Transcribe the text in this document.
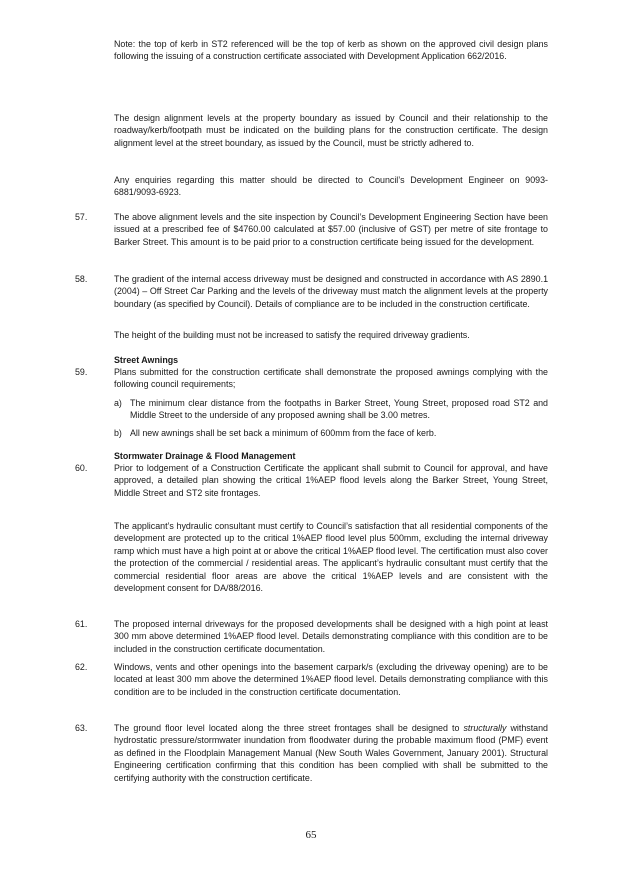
Note: the top of kerb in ST2 referenced will be the top of kerb as shown on the approved civil design plans following the issuing of a construction certificate associated with Development Application 662/2016.

The design alignment levels at the property boundary as issued by Council and their relationship to the roadway/kerb/footpath must be indicated on the building plans for the construction certificate. The design alignment level at the street boundary, as issued by the Council, must be strictly adhered to.

Any enquiries regarding this matter should be directed to Council’s Development Engineer on 9093-6881/9093-6923.

57.	The above alignment levels and the site inspection by Council’s Development Engineering Section have been issued at a prescribed fee of $4760.00 calculated at $57.00 (inclusive of GST) per metre of site frontage to Barker Street. This amount is to be paid prior to a construction certificate being issued for the development.

58.	The gradient of the internal access driveway must be designed and constructed in accordance with AS 2890.1 (2004) – Off Street Car Parking and the levels of the driveway must match the alignment levels at the property boundary (as specified by Council). Details of compliance are to be included in the construction certificate.

The height of the building must not be increased to satisfy the required driveway gradients.

Street Awnings
59.	Plans submitted for the construction certificate shall demonstrate the proposed awnings complying with the following council requirements;

a) The minimum clear distance from the footpaths in Barker Street, Young Street, proposed road ST2 and Middle Street to the underside of any proposed awning shall be 3.00 metres.

b) All new awnings shall be set back a minimum of 600mm from the face of kerb.

Stormwater Drainage & Flood Management
60.	Prior to lodgement of a Construction Certificate the applicant shall submit to Council for approval, and have approved, a detailed plan showing the critical 1%AEP flood levels along the Barker Street, Young Street, Middle Street and ST2 site frontages.

The applicant’s hydraulic consultant must certify to Council’s satisfaction that all residential components of the development are protected up to the critical 1%AEP flood level plus 500mm, excluding the internal driveway ramp which must have a high point at or above the critical 1%AEP flood level. The certification must also cover the protection of the commercial / residential areas. The applicant’s hydraulic consultant must certify that the commercial residential floor areas are above the critical 1%AEP levels and are consistent with the development consent for DA/88/2016.

61.	The proposed internal driveways for the proposed developments shall be designed with a high point at least 300 mm above determined 1%AEP flood level. Details demonstrating compliance with this condition are to be included in the construction certificate documentation.

62.	Windows, vents and other openings into the basement carpark/s (excluding the driveway opening) are to be located at least 300 mm above the determined 1%AEP flood level. Details demonstrating compliance with this condition are to be included in the construction certificate documentation.

63.	The ground floor level located along the three street frontages shall be designed to structurally withstand hydrostatic pressure/stormwater inundation from floodwater during the probable maximum flood (PMF) event as defined in the Floodplain Management Manual (New South Wales Government, January 2001). Structural Engineering certification confirming that this condition has been complied with shall be submitted to the certifying authority with the construction certificate.

65
